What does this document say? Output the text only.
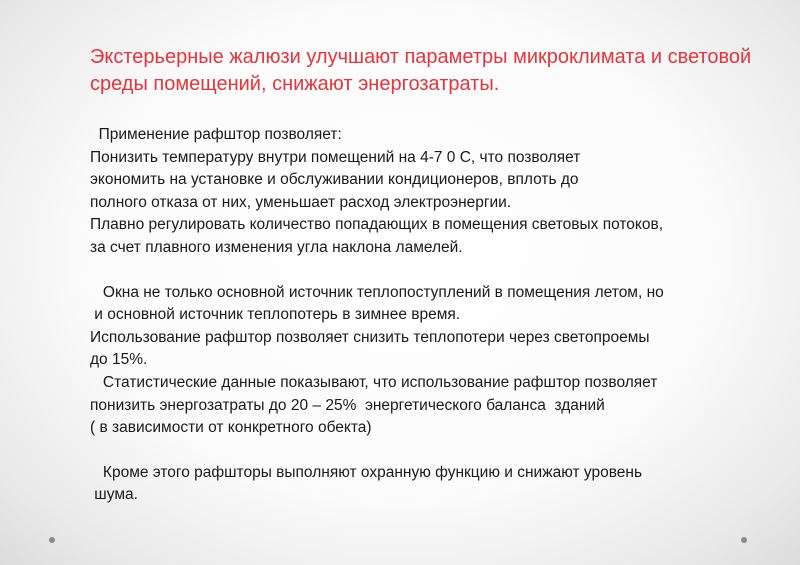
Экстерьерные жалюзи улучшают параметры микроклимата и световой среды помещений, снижают энергозатраты.
Применение рафштор позволяет:
Понизить температуру внутри помещений на 4-7 0 С, что позволяет
экономить на установке и обслуживании кондиционеров, вплоть до
полного отказа от них, уменьшает расход электроэнергии.
Плавно регулировать количество попадающих в помещения световых потоков,
за счет плавного изменения угла наклона ламелей.
Окна не только основной источник теплопоступлений в помещения летом, но
и основной источник теплопотерь в зимнее время.
Использование рафштор позволяет снизить теплопотери через светопроемы
до 15%.
Статистические данные показывают, что использование рафштор позволяет
понизить энергозатраты до 20 – 25%  энергетического баланса  зданий
( в зависимости от конкретного обекта)
Кроме этого рафшторы выполняют охранную функцию и снижают уровень
шума.
